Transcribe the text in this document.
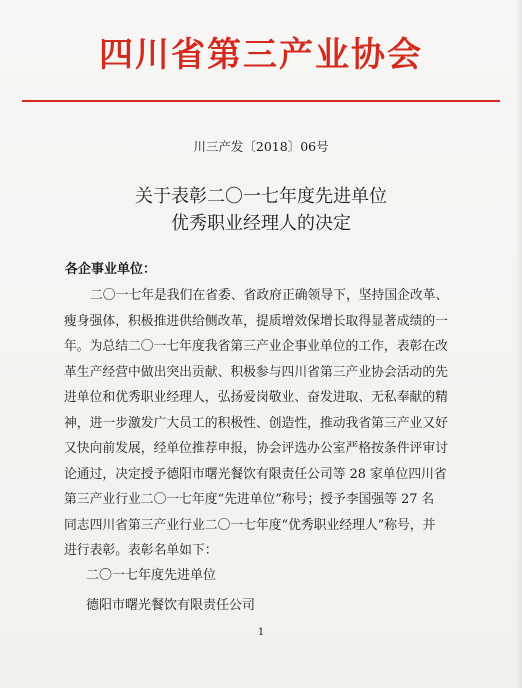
四川省第三产业协会
川三产发〔2018〕06号
关于表彰二〇一七年度先进单位
优秀职业经理人的决定
各企事业单位：
二〇一七年是我们在省委、省政府正确领导下，坚持国企改革、
瘦身强体，积极推进供给侧改革，提质增效保增长取得显著成绩的一
年。为总结二〇一七年度我省第三产业企事业单位的工作，表彰在改
革生产经营中做出突出贡献、积极参与四川省第三产业协会活动的先
进单位和优秀职业经理人，弘扬爱岗敬业、奋发进取、无私奉献的精
神，进一步激发广大员工的积极性、创造性，推动我省第三产业又好
又快向前发展，经单位推荐申报，协会评选办公室严格按条件评审讨
论通过，决定授予德阳市曙光餐饮有限责任公司等 28 家单位四川省
第三产业行业二〇一七年度“先进单位”称号；授予李国强等 27 名
同志四川省第三产业行业二〇一七年度“优秀职业经理人”称号，并
进行表彰。表彰名单如下：
二〇一七年度先进单位
德阳市曙光餐饮有限责任公司
1
